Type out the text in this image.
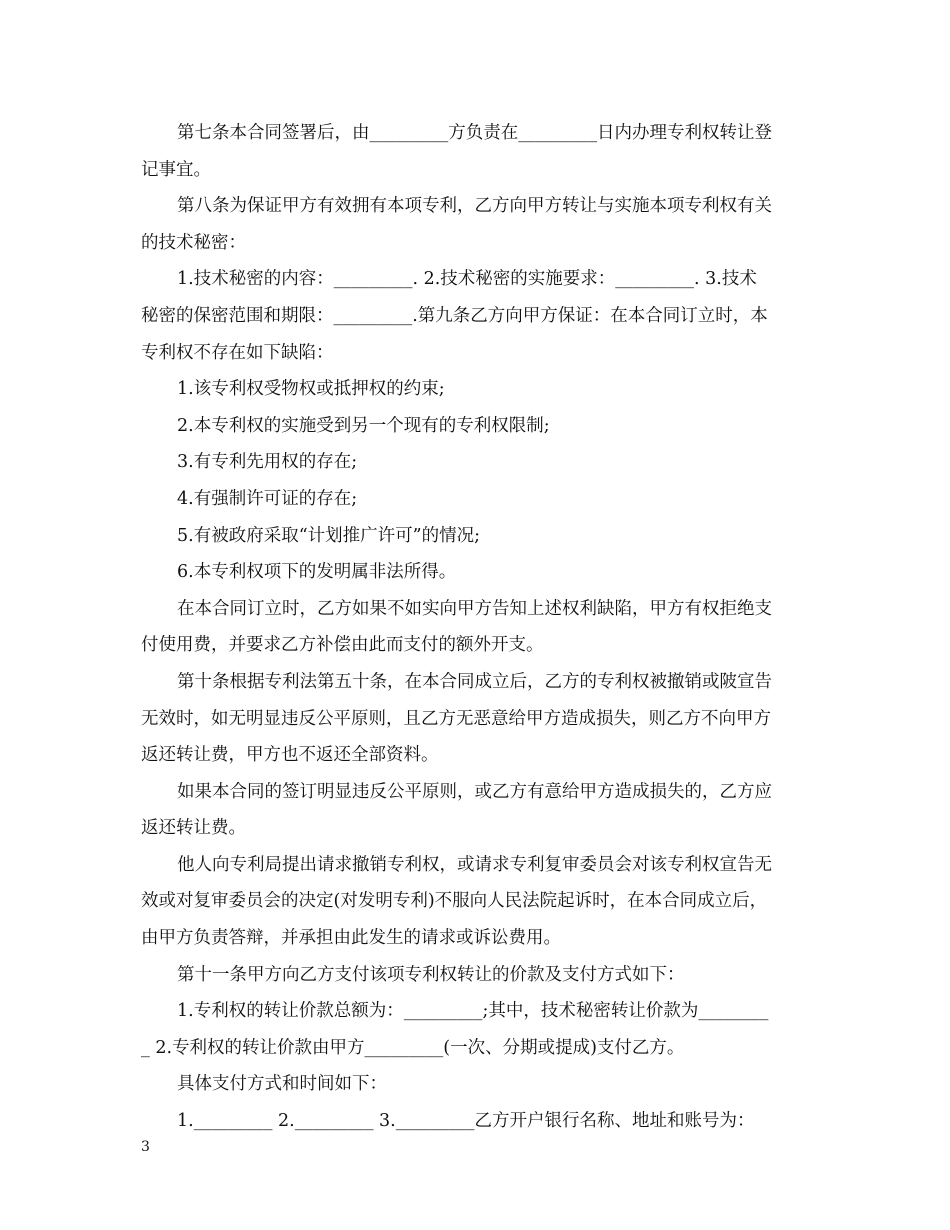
第七条本合同签署后，由_________方负责在_________日内办理专利权转让登

记事宜。

第八条为保证甲方有效拥有本项专利，乙方向甲方转让与实施本项专利权有关

的技术秘密：

1.技术秘密的内容：_________. 2.技术秘密的实施要求：_________. 3.技术

秘密的保密范围和期限：_________.第九条乙方向甲方保证：在本合同订立时，本

专利权不存在如下缺陷：

1.该专利权受物权或抵押权的约束;

2.本专利权的实施受到另一个现有的专利权限制;

3.有专利先用权的存在;

4.有强制许可证的存在;

5.有被政府采取“计划推广许可”的情况;

6.本专利权项下的发明属非法所得。

在本合同订立时，乙方如果不如实向甲方告知上述权利缺陷，甲方有权拒绝支

付使用费，并要求乙方补偿由此而支付的额外开支。

第十条根据专利法第五十条，在本合同成立后，乙方的专利权被撤销或陂宣告

无效时，如无明显违反公平原则，且乙方无恶意给甲方造成损失，则乙方不向甲方

返还转让费，甲方也不返还全部资料。

如果本合同的签订明显违反公平原则，或乙方有意给甲方造成损失的，乙方应

返还转让费。

他人向专利局提出请求撤销专利权，或请求专利复审委员会对该专利权宣告无

效或对复审委员会的决定(对发明专利)不服向人民法院起诉时，在本合同成立后，

由甲方负责答辩，并承担由此发生的请求或诉讼费用。

第十一条甲方向乙方支付该项专利权转让的价款及支付方式如下：

1.专利权的转让价款总额为：_________;其中，技术秘密转让价款为________

_ 2.专利权的转让价款由甲方_________(一次、分期或提成)支付乙方。

具体支付方式和时间如下：

1._________ 2._________ 3._________乙方开户银行名称、地址和账号为：

3
